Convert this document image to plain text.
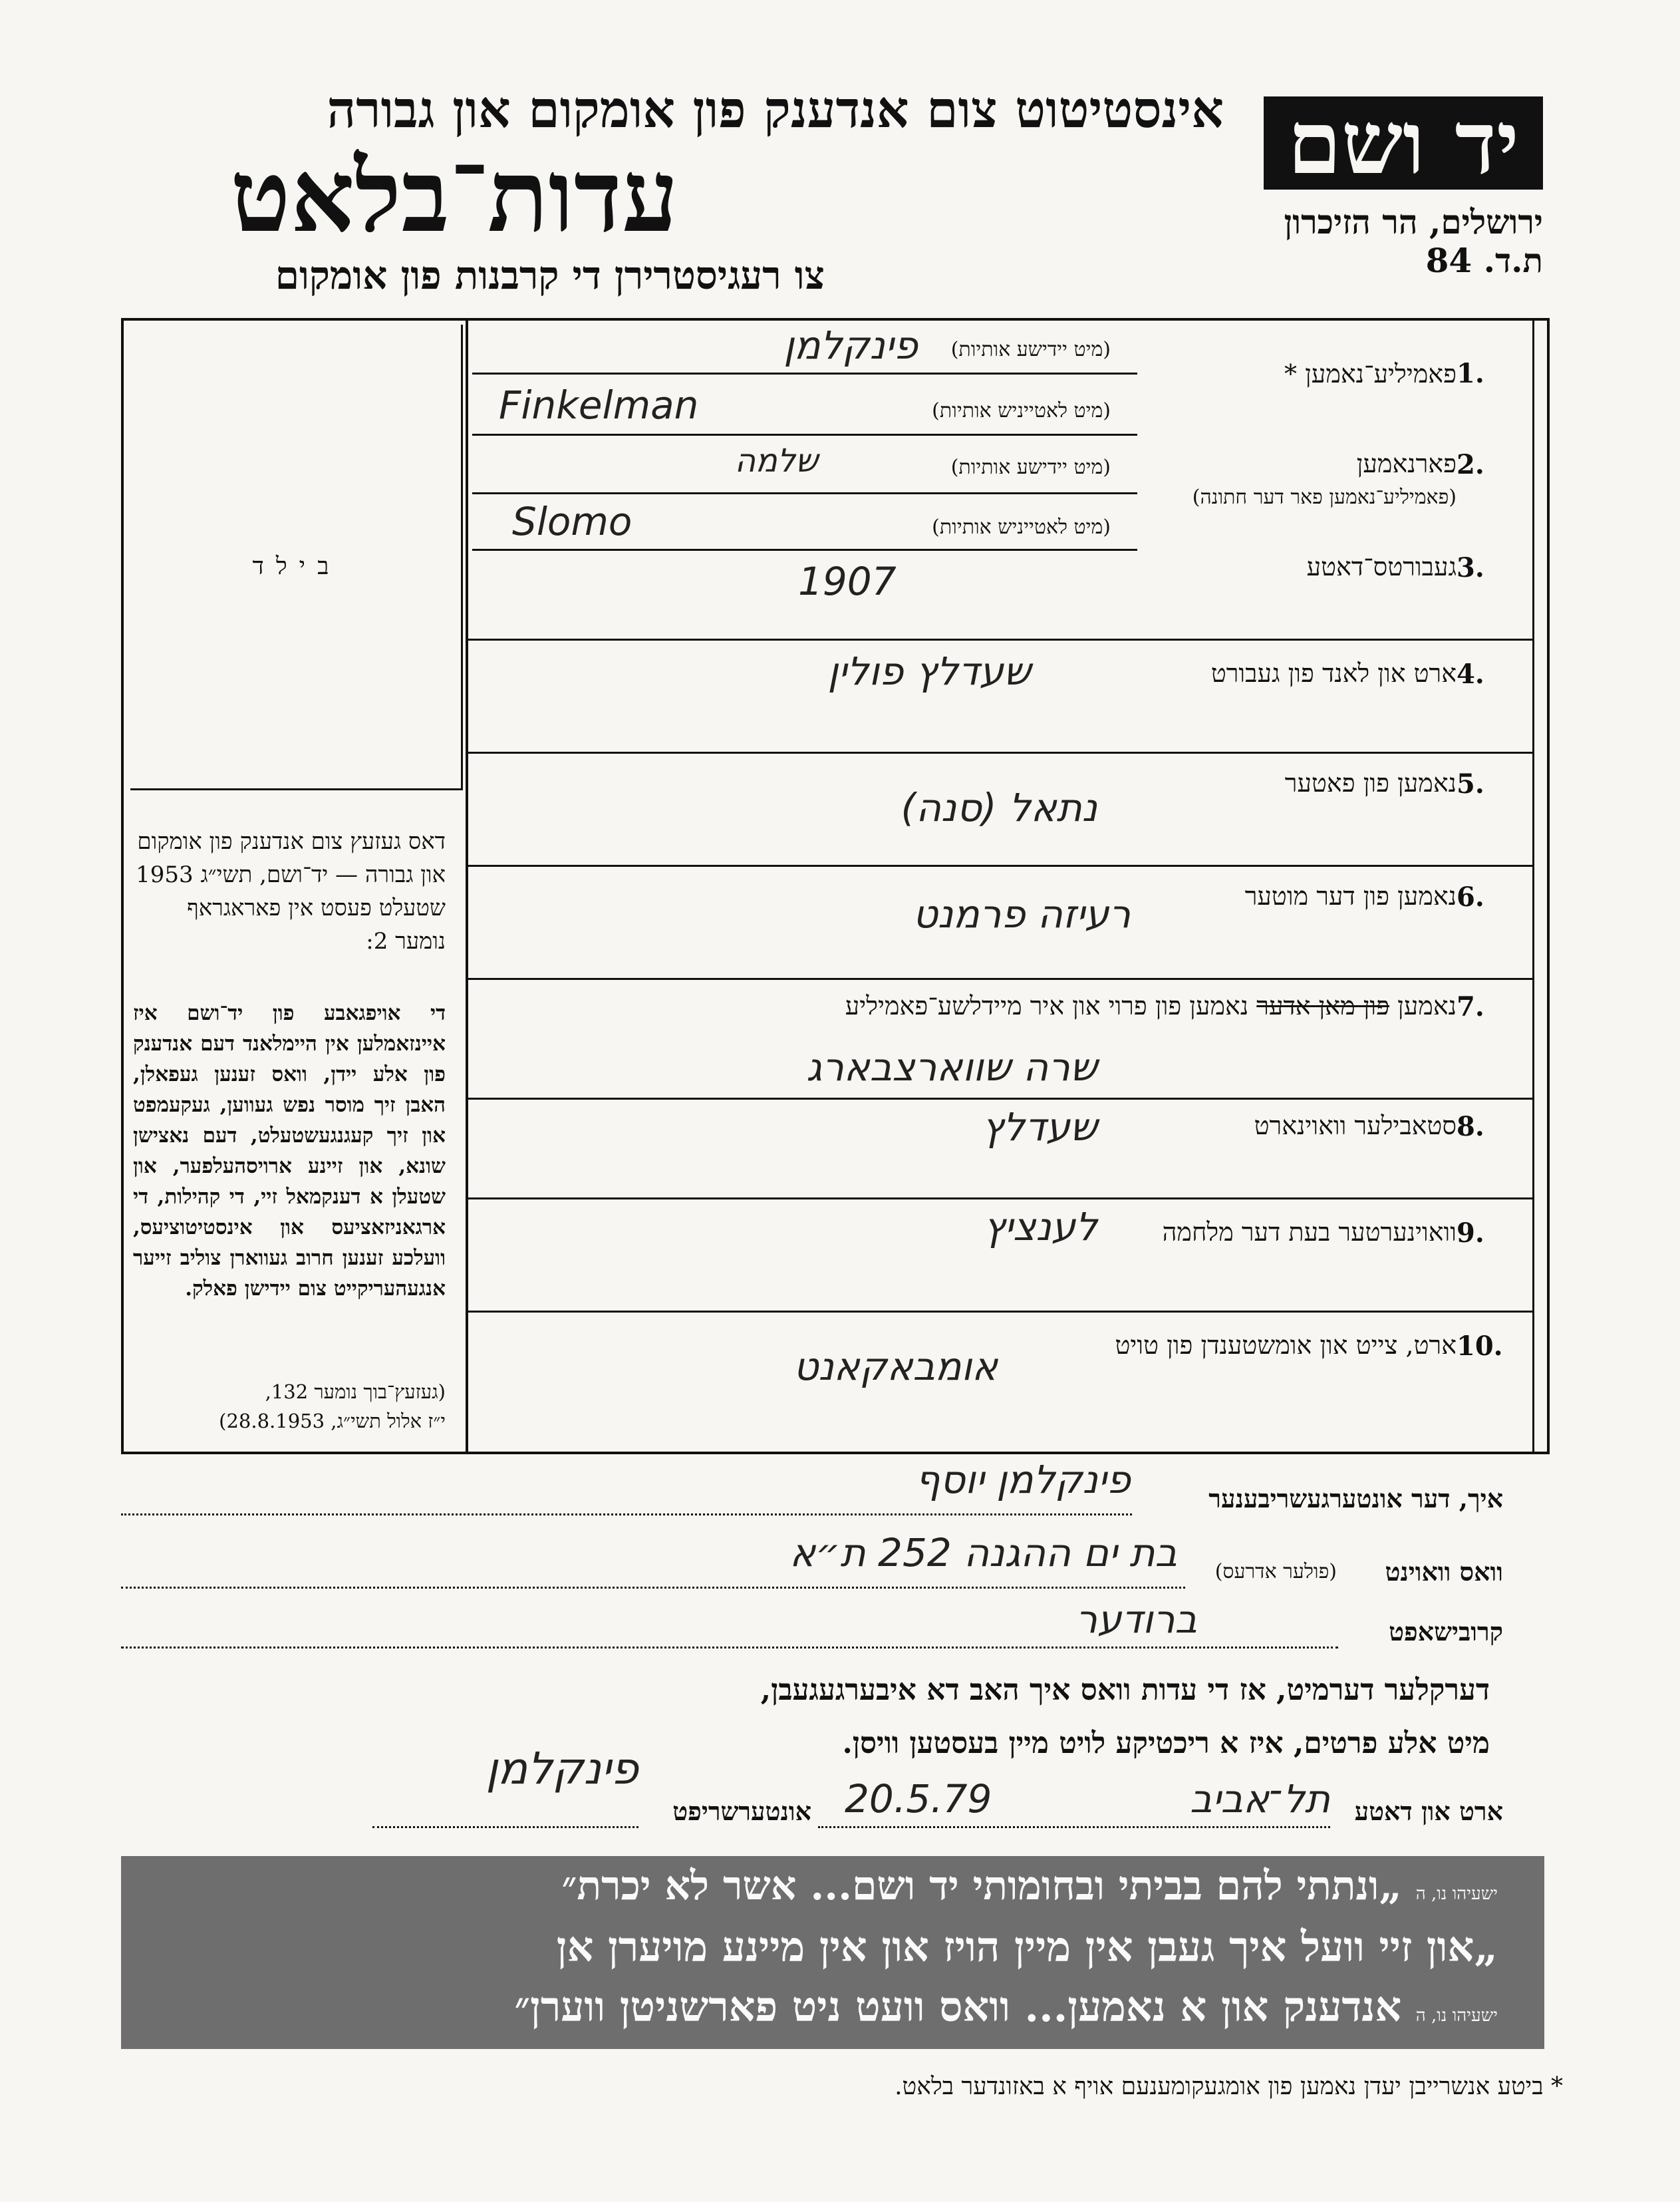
יד ושם
ירושלים, הר הזיכרון
ת.ד. 84
אינסטיטוט צום אנדענק פון אומקום און גבורה
עדות־בלאט
צו רעגיסטרירן די קרבנות פון אומקום
בילד
1.
פאמיליע־נאמען *
(מיט יידישע אותיות)
פינקלמן
(מיט לאטייניש אותיות)
Finkelman
2.
פארנאמען
(פאמיליע־נאמען פאר דער חתונה)
(מיט יידישע אותיות)
שלמה
(מיט לאטייניש אותיות)
Slomo
3.
געבורטס־דאטע
1907
4.
ארט און לאנד פון געבורט
שעדלץ פולין
5.
נאמען פון פאטער
נתאל (סנה)
6.
נאמען פון דער מוטער
רעיזה פרמנט
7.
נאמען פון מאן אדער נאמען פון פרוי און איר מיידלשע־פאמיליע
שרה שווארצבארג
8.
סטאבילער וואוינארט
שעדלץ
9.
וואוינערטער בעת דער מלחמה
לענציץ
10.
ארט, צייט און אומשטענדן פון טויט
אומבאקאנט
דאס געזעץ צום אנדענק פון אומקום און גבורה — יד־ושם, תשי״ג 1953 שטעלט פעסט אין פאראגראף נומער 2:
די אויפגאבע פון יד־ושם איז איינזאמלען אין היימלאנד דעם אנדענק פון אלע יידן, וואס זענען געפאלן, האבן זיך מוסר נפש געווען, געקעמפט און זיך קעגנגעשטעלט, דעם נאצישן שונא, און זיינע ארויסהעלפער, און שטעלן א דענקמאל זיי, די קהילות, די ארגאניזאציעס און אינסטיטוציעס, וועלכע זענען חרוב געווארן צוליב זייער אנגעהעריקייט צום יידישן פאלק.
(געזעץ־בוך נומער 132,
י״ז אלול תשי״ג, 28.8.1953)
איך, דער אונטערגעשריבענער
פינקלמן יוסף
וואס וואוינט
(פולער אדרעס)
בת ים ההגנה 252 ת״א
קרובישאפט
ברודער
דערקלער דערמיט, אז די עדות וואס איך האב דא איבערגעגעבן,
מיט אלע פרטים, איז א ריכטיקע לויט מיין בעסטען וויסן.
ארט און דאטע
תל־אביב
20.5.79
אונטערשריפט
פינקלמן
ישעיהו נו, ה „ונתתי להם בביתי ובחומותי יד ושם... אשר לא יכרת״
„און זיי וועל איך געבן אין מיין הויז און אין מיינע מויערן אן
ישעיהו נו, ה אנדענק און א נאמען... וואס וועט ניט פארשניטן ווערן״
* ביטע אנשרייבן יעדן נאמען פון אומגעקומענעם אויף א באזונדער בלאט.
